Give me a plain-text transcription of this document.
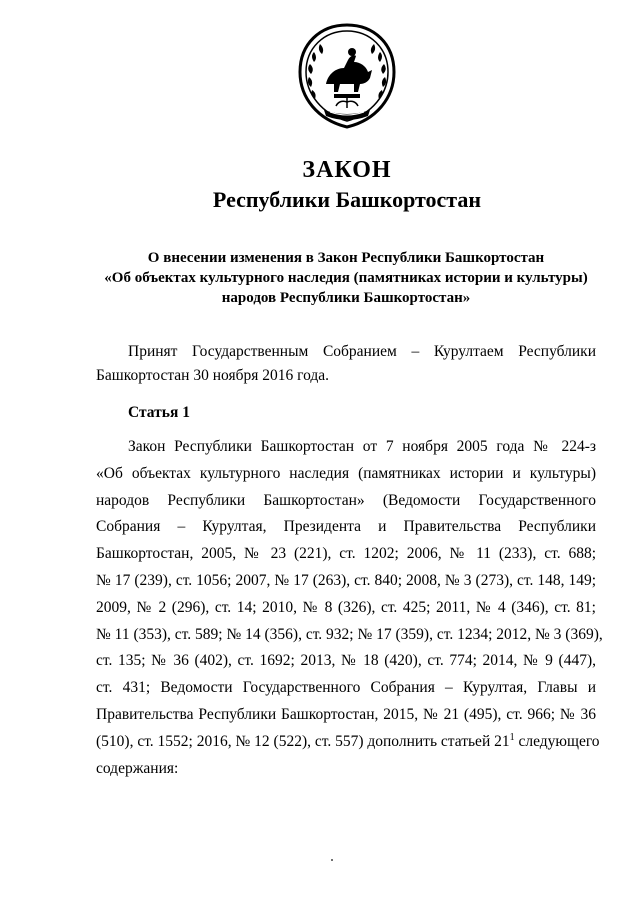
ЗАКОН
Республики Башкортостан
О внесении изменения в Закон Республики Башкортостан
«Об объектах культурного наследия (памятниках истории и культуры)
народов Республики Башкортостан»
Принят Государственным Собранием – Курултаем Республики
Башкортостан 30 ноября 2016 года.
Статья 1
Закон Республики Башкортостан от 7 ноября 2005 года № 224-з
«Об объектах культурного наследия (памятниках истории и культуры)
народов Республики Башкортостан» (Ведомости Государственного
Собрания – Курултая, Президента и Правительства Республики
Башкортостан, 2005, № 23 (221), ст. 1202; 2006, № 11 (233), ст. 688;
№ 17 (239), ст. 1056; 2007, № 17 (263), ст. 840; 2008, № 3 (273), ст. 148, 149;
2009, № 2 (296), ст. 14; 2010, № 8 (326), ст. 425; 2011, № 4 (346), ст. 81;
№ 11 (353), ст. 589; № 14 (356), ст. 932; № 17 (359), ст. 1234; 2012, № 3 (369),
ст. 135; № 36 (402), ст. 1692; 2013, № 18 (420), ст. 774; 2014, № 9 (447),
ст. 431; Ведомости Государственного Собрания – Курултая, Главы и
Правительства Республики Башкортостан, 2015, № 21 (495), ст. 966; № 36
(510), ст. 1552; 2016, № 12 (522), ст. 557) дополнить статьей $21^1$ следующего
содержания:
